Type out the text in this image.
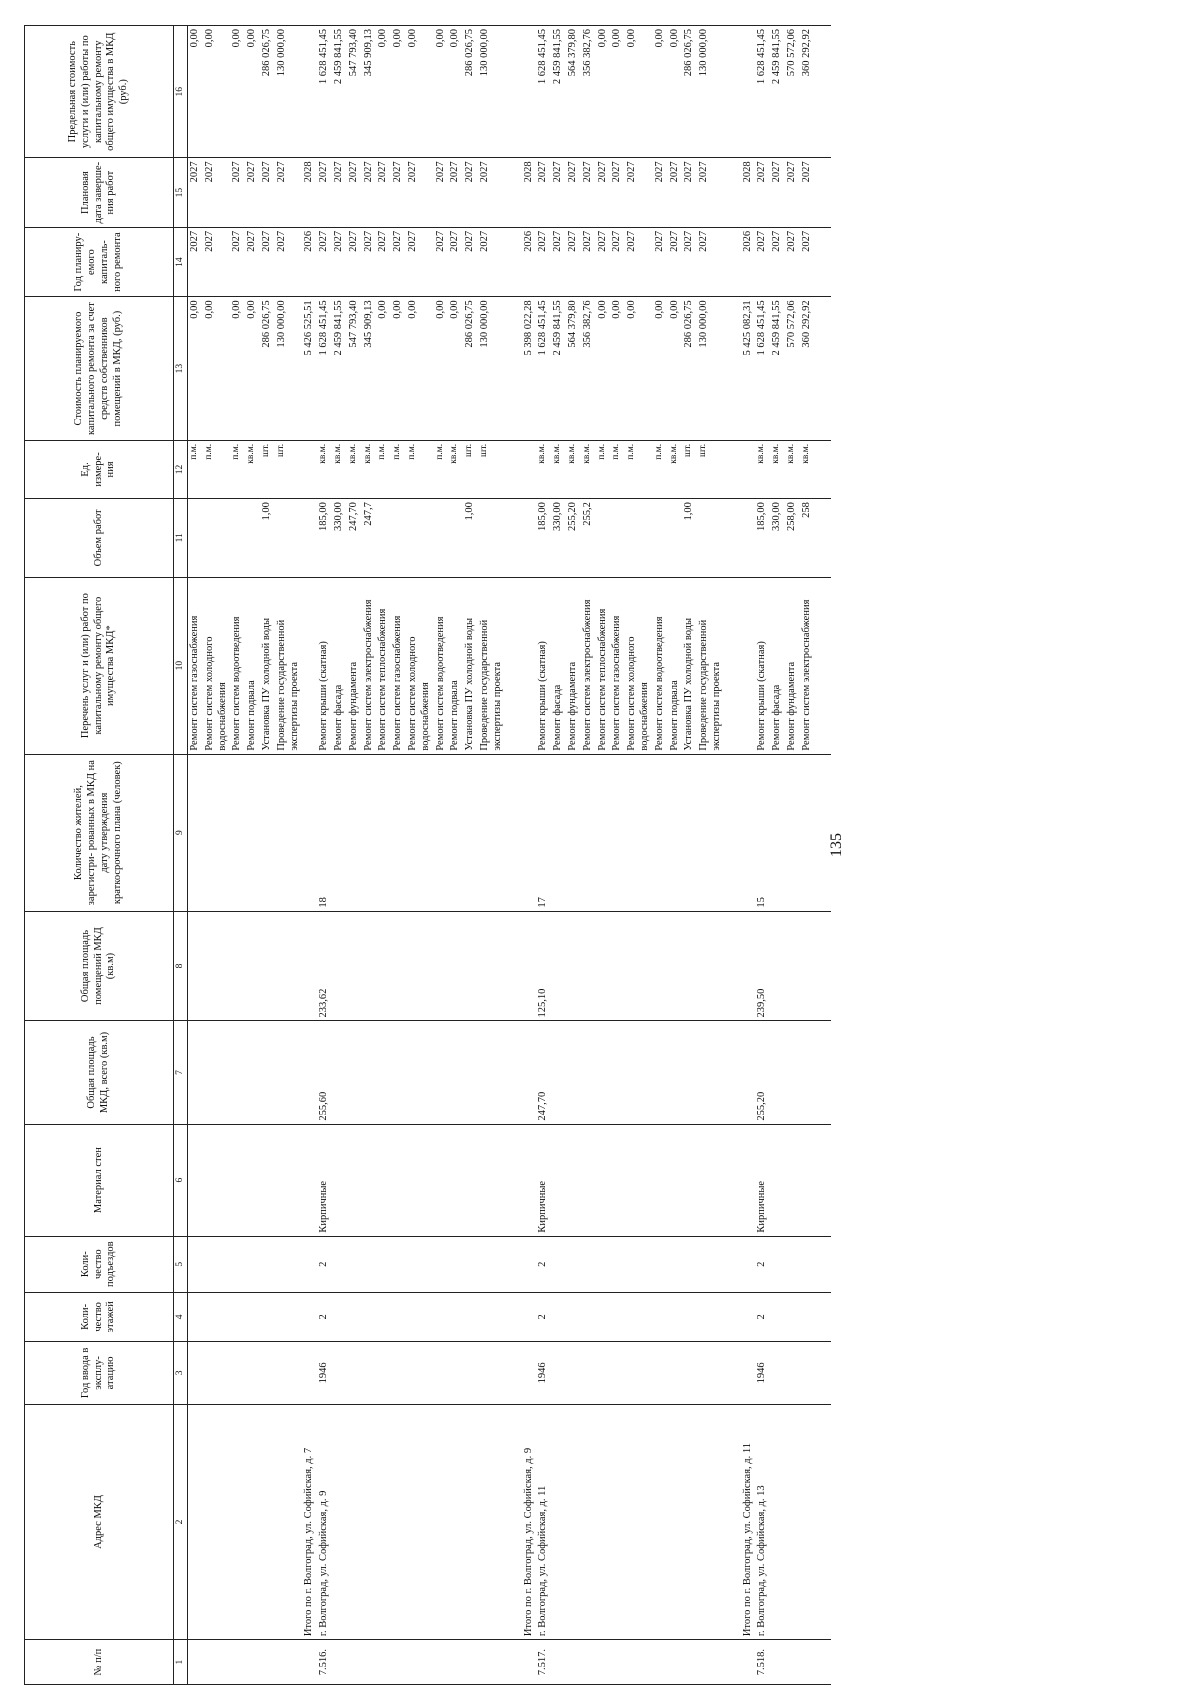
135
№ п/п	Адрес МКД	Год ввода в эксплу- атацию	Коли- чество этажей	Коли- чество подъездов	Материал стен	Общая площадь МКД, всего (кв.м)	Общая площадь помещений МКД (кв.м)	Количество жителей, зарегистри- рованных в МКД на дату утверждения краткосрочного плана (человек)	Перечень услуг и (или) работ по капитальному ремонту общего имущества МКД*	Объем работ	Ед. измере- ния	Стоимость планируемого капитального ремонта за счет средств собственников помещений в МКД, (руб.)	Год планиру- емого капиталь- ного ремонта	Плановая дата заверше- ния работ	Предельная стоимость услуги и (или) работы по капитальному ремонту общего имущества в МКД (руб.)
1	2	3	4	5	6	7	8	9	10	11	12	13	14	15	16
									Ремонт систем газоснабжения		п.м.	0,00	2027	2027	0,00
									Ремонт систем холодного водоснабжения		п.м.	0,00	2027	2027	0,00
									Ремонт систем водоотведения		п.м.	0,00	2027	2027	0,00
									Ремонт подвала		кв.м.	0,00	2027	2027	0,00
									Установка ПУ холодной воды	1,00	шт.	286 026,75	2027	2027	286 026,75
									Проведение государственной экспертизы проекта		шт.	130 000,00	2027	2027	130 000,00
	Итого по г. Волгоград, ул. Софийская, д. 7											5 426 525,51	2026	2028	
7.516.	г. Волгоград, ул. Софийская, д. 9	1946	2	2	Кирпичные	255,60	233,62	18	Ремонт крыши (скатная)	185,00	кв.м.	1 628 451,45	2027	2027	1 628 451,45
									Ремонт фасада	330,00	кв.м.	2 459 841,55	2027	2027	2 459 841,55
									Ремонт фундамента	247,70	кв.м.	547 793,40	2027	2027	547 793,40
									Ремонт систем электроснабжения	247,7	кв.м.	345 909,13	2027	2027	345 909,13
									Ремонт систем теплоснабжения		п.м.	0,00	2027	2027	0,00
									Ремонт систем газоснабжения		п.м.	0,00	2027	2027	0,00
									Ремонт систем холодного водоснабжения		п.м.	0,00	2027	2027	0,00
									Ремонт систем водоотведения		п.м.	0,00	2027	2027	0,00
									Ремонт подвала		кв.м.	0,00	2027	2027	0,00
									Установка ПУ холодной воды	1,00	шт.	286 026,75	2027	2027	286 026,75
									Проведение государственной экспертизы проекта		шт.	130 000,00	2027	2027	130 000,00

	Итого по г. Волгоград, ул. Софийская, д. 9											5 398 022,28	2026	2028	
7.517.	г. Волгоград, ул. Софийская, д. 11	1946	2	2	Кирпичные	247,70	125,10	17	Ремонт крыши (скатная)	185,00	кв.м.	1 628 451,45	2027	2027	1 628 451,45
									Ремонт фасада	330,00	кв.м.	2 459 841,55	2027	2027	2 459 841,55
									Ремонт фундамента	255,20	кв.м.	564 379,80	2027	2027	564 379,80
									Ремонт систем электроснабжения	255,2	кв.м.	356 382,76	2027	2027	356 382,76
									Ремонт систем теплоснабжения		п.м.	0,00	2027	2027	0,00
									Ремонт систем газоснабжения		п.м.	0,00	2027	2027	0,00
									Ремонт систем холодного водоснабжения		п.м.	0,00	2027	2027	0,00
									Ремонт систем водоотведения		п.м.	0,00	2027	2027	0,00
									Ремонт подвала		кв.м.	0,00	2027	2027	0,00
									Установка ПУ холодной воды	1,00	шт.	286 026,75	2027	2027	286 026,75
									Проведение государственной экспертизы проекта		шт.	130 000,00	2027	2027	130 000,00

	Итого по г. Волгоград, ул. Софийская, д. 11											5 425 082,31	2026	2028	
7.518.	г. Волгоград, ул. Софийская, д. 13	1946	2	2	Кирпичные	255,20	239,50	15	Ремонт крыши (скатная)	185,00	кв.м.	1 628 451,45	2027	2027	1 628 451,45
									Ремонт фасада	330,00	кв.м.	2 459 841,55	2027	2027	2 459 841,55
									Ремонт фундамента	258,00	кв.м.	570 572,06	2027	2027	570 572,06
									Ремонт систем электроснабжения	258	кв.м.	360 292,92	2027	2027	360 292,92
